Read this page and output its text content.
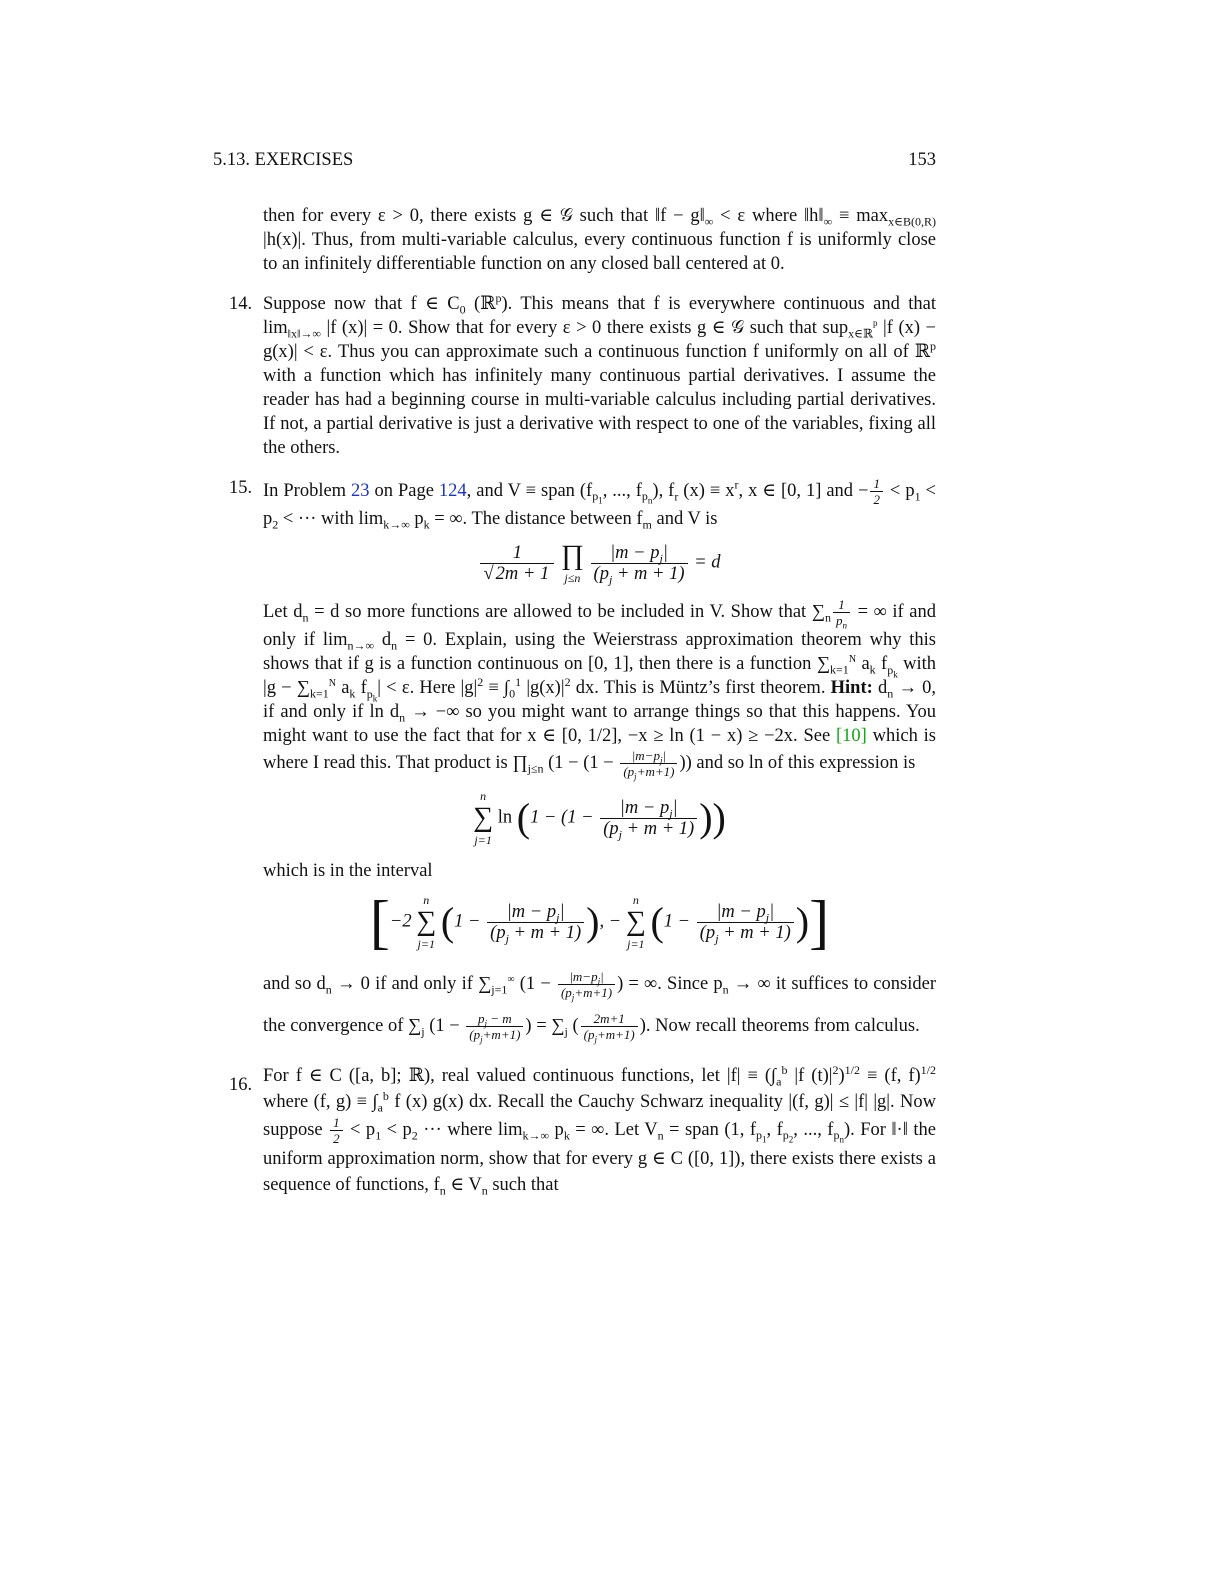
5.13. EXERCISES	153

then for every ε > 0, there exists g ∈ 𝒢 such that ‖f − $g‖_\infty < \varepsilon$ where $‖h‖_\infty \equiv \max_{x\in B(0,R)} |h(x)|$. Thus, from multi-variable calculus, every continuous function f is uniformly close to an infinitely differentiable function on any closed ball centered at 0.

14. Suppose now that f ∈ $C_0$ (ℝ$^p$). This means that f is everywhere continuous and that $\lim_{‖x‖\to\infty} |f$ (x)| = 0. Show that for every ε > 0 there exists g ∈ 𝒢 such that sup$_{x\in ℝ}^p$ |f (x) − g(x)| < ε. Thus you can approximate such a continuous function f uniformly on all of ℝ$^p$ with a function which has infinitely many continuous partial derivatives. I assume the reader has had a beginning course in multi-variable calculus including partial derivatives. If not, a partial derivative is just a derivative with respect to one of the variables, fixing all the others.

15. In Problem 23 on Page 124, and V ≡ span ($f_{p_1}$, ..., $f_{p_n}$), $f_r$ $(x) \equiv x^r$, x ∈ [0, 1] and − $\frac{1}{2} < p_1 < p_2$ < ··· with $\lim_{k\to\infty} p_k$ = ∞. The distance between $f_m$ and V is

$\frac{1}{√ 2m + 1}$
∏
j≤n
$\frac{|m - p_j|}{(p_j + m + 1)} = d$

Let $d_n = d$ so more functions are allowed to be included in V. Show that $\sum_n \frac{1}{p_n}$ = ∞ if and only if $\lim_{n\to\infty} d_n = 0$. Explain, using the Weierstrass approximation theorem why this shows that if g is a function continuous on [0, 1], then there is a function $\sum_{k=1}^N$ $a_k$ $f_{p_k}$ with $|g - \sum_{k=1}^N$ $a_k$ $f_{p_k}| < \varepsilon$. Here $|g|^2 \equiv \int_0^1$ $|g(x)|^2$ dx. This is Müntz’s first theorem. Hint: $d_n \to 0$, if and only if $\ln d_n$ → −∞ so you might want to arrange things so that this happens. You might want to use the fact that for x ∈ [0, 1/2], −x ≥ ln (1 − x) ≥ −2x. See [10] which is where I read this. That product is $\prod_{j\le n}$ ($1 - (1 - \frac{|m-p_j|}{(p_j+m+1)}$ )) and so ln of this expression is

n
∑
j=1
$\ln (1 - (1 - \frac{|m - p_j|}{(p_j + m + 1)}$ ))

which is in the interval

[−2
n
∑
j=1 ($1 - \frac{|m - p_j|}{(p_j + m + 1)}$ ), −
n
∑
j=1 ($1 - \frac{|m - p_j|}{(p_j + m + 1)}$ )]

and so $d_n \to 0$ if and only if $\sum_{j=1}^\infty$ ($1 - \frac{|m-p_j|}{(p_j+m+1)}$ ) = ∞. Since $p_n$ → ∞ it suffices to consider the convergence of $\sum_j$ ($1 - \frac{p_j - m}{(p_j+m+1)}$ ) = $\sum_j$ ( $\frac{2m+1}{(p_j+m+1)}$ ). Now recall theorems from calculus.

16. For f ∈ C ([a, b]; ℝ), real valued continuous functions, let $|f| \equiv (\int_a^b$ |f $(t)|^2)^{1/2} \equiv (f$, f)$^{1/2}$ where (f, $g) \equiv \int_a^b$ f (x) g(x) dx. Recall the Cauchy Schwarz inequality |(f, g)| ≤ |f| |g|. Now suppose $\frac{1}{2} < p_1 < p_2$ ··· where $\lim_{k\to\infty} p_k$ = ∞. Let $V_n$ = span (1, $f_{p_1}$, $f_{p_2}$, ..., $f_{p_n}$). For ‖·‖ the uniform approximation norm, show that for every g ∈ C ([0, 1]), there exists there exists a sequence of functions, $f_n$ ∈ $V_n$ such that
